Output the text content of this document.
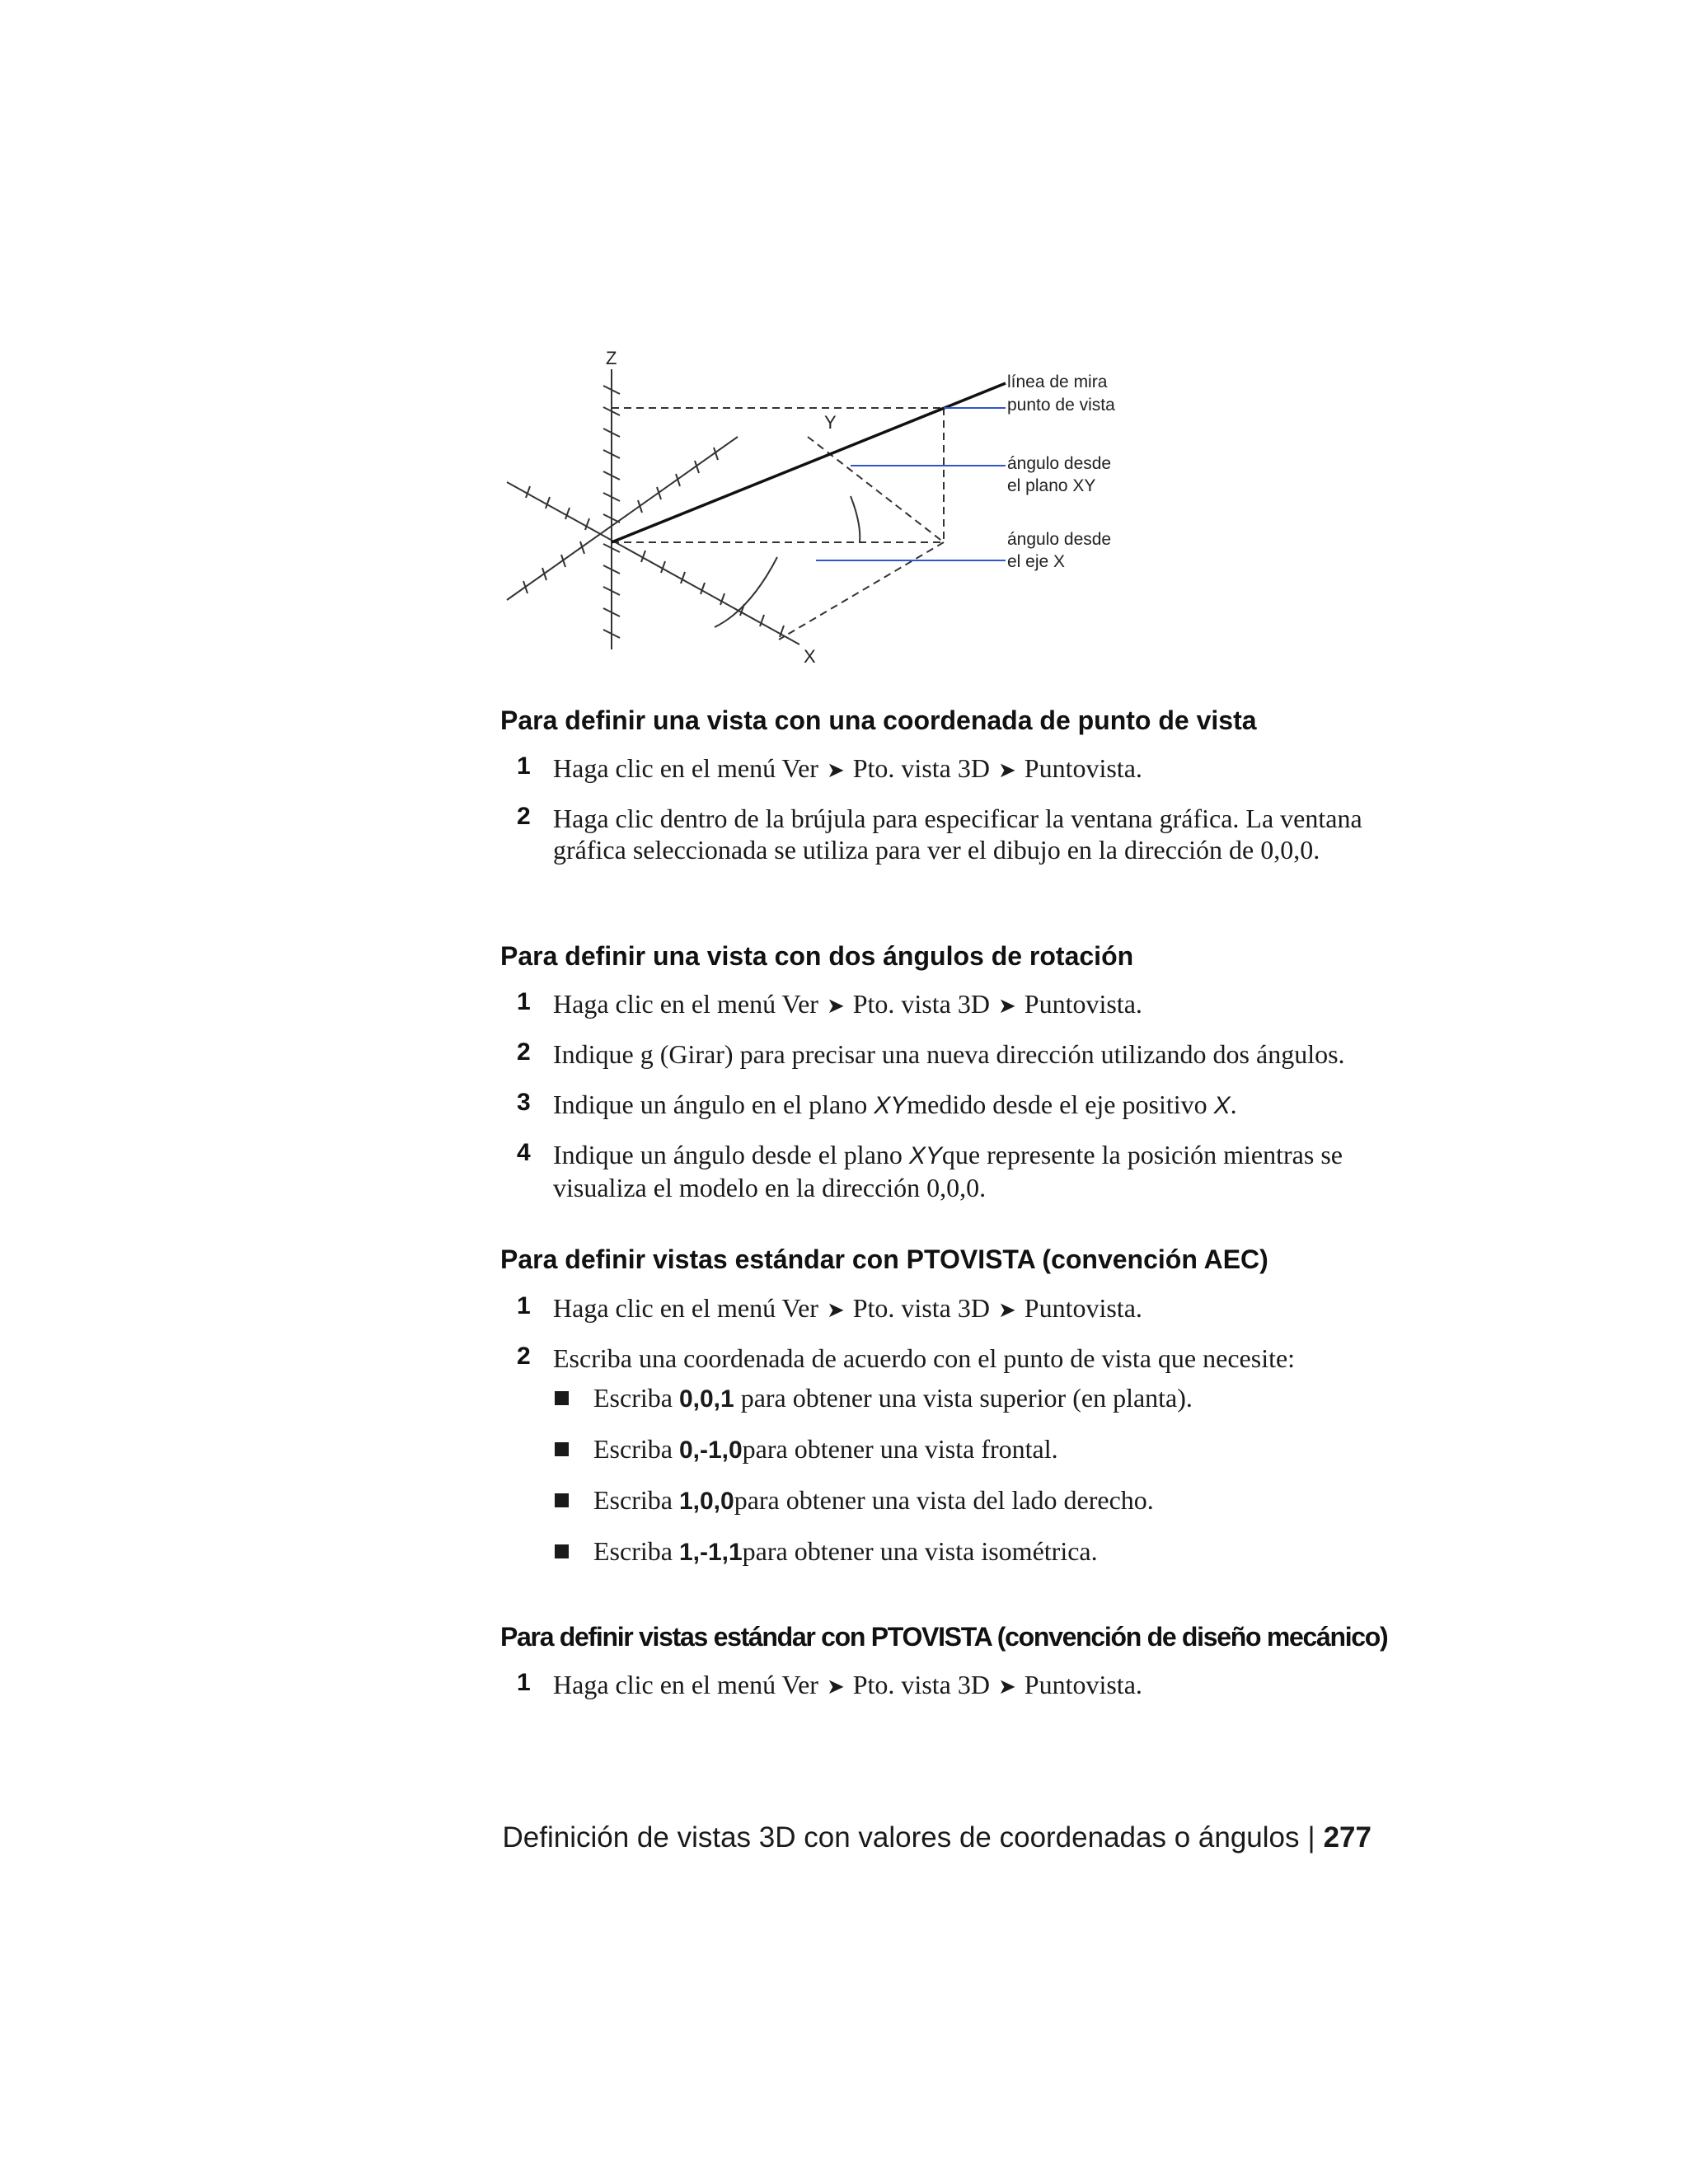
Z
Y
X
línea de mira
punto de vista
ángulo desde
el plano XY
ángulo desde
el eje X
Para definir una vista con una coordenada de punto de vista
1 Haga clic en el menú Ver ➤ Pto. vista 3D ➤ Puntovista.
2 Haga clic dentro de la brújula para especificar la ventana gráfica. La ventana gráfica seleccionada se utiliza para ver el dibujo en la dirección de 0,0,0.
Para definir una vista con dos ángulos de rotación
1 Haga clic en el menú Ver ➤ Pto. vista 3D ➤ Puntovista.
2 Indique g (Girar) para precisar una nueva dirección utilizando dos ángulos.
3 Indique un ángulo en el plano XYmedido desde el eje positivo X.
4 Indique un ángulo desde el plano XYque represente la posición mientras se visualiza el modelo en la dirección 0,0,0.
Para definir vistas estándar con PTOVISTA (convención AEC)
1 Haga clic en el menú Ver ➤ Pto. vista 3D ➤ Puntovista.
2 Escriba una coordenada de acuerdo con el punto de vista que necesite:
Escriba 0,0,1 para obtener una vista superior (en planta).
Escriba 0,-1,0para obtener una vista frontal.
Escriba 1,0,0para obtener una vista del lado derecho.
Escriba 1,-1,1para obtener una vista isométrica.
Para definir vistas estándar con PTOVISTA (convención de diseño mecánico)
1 Haga clic en el menú Ver ➤ Pto. vista 3D ➤ Puntovista.
Definición de vistas 3D con valores de coordenadas o ángulos | 277
